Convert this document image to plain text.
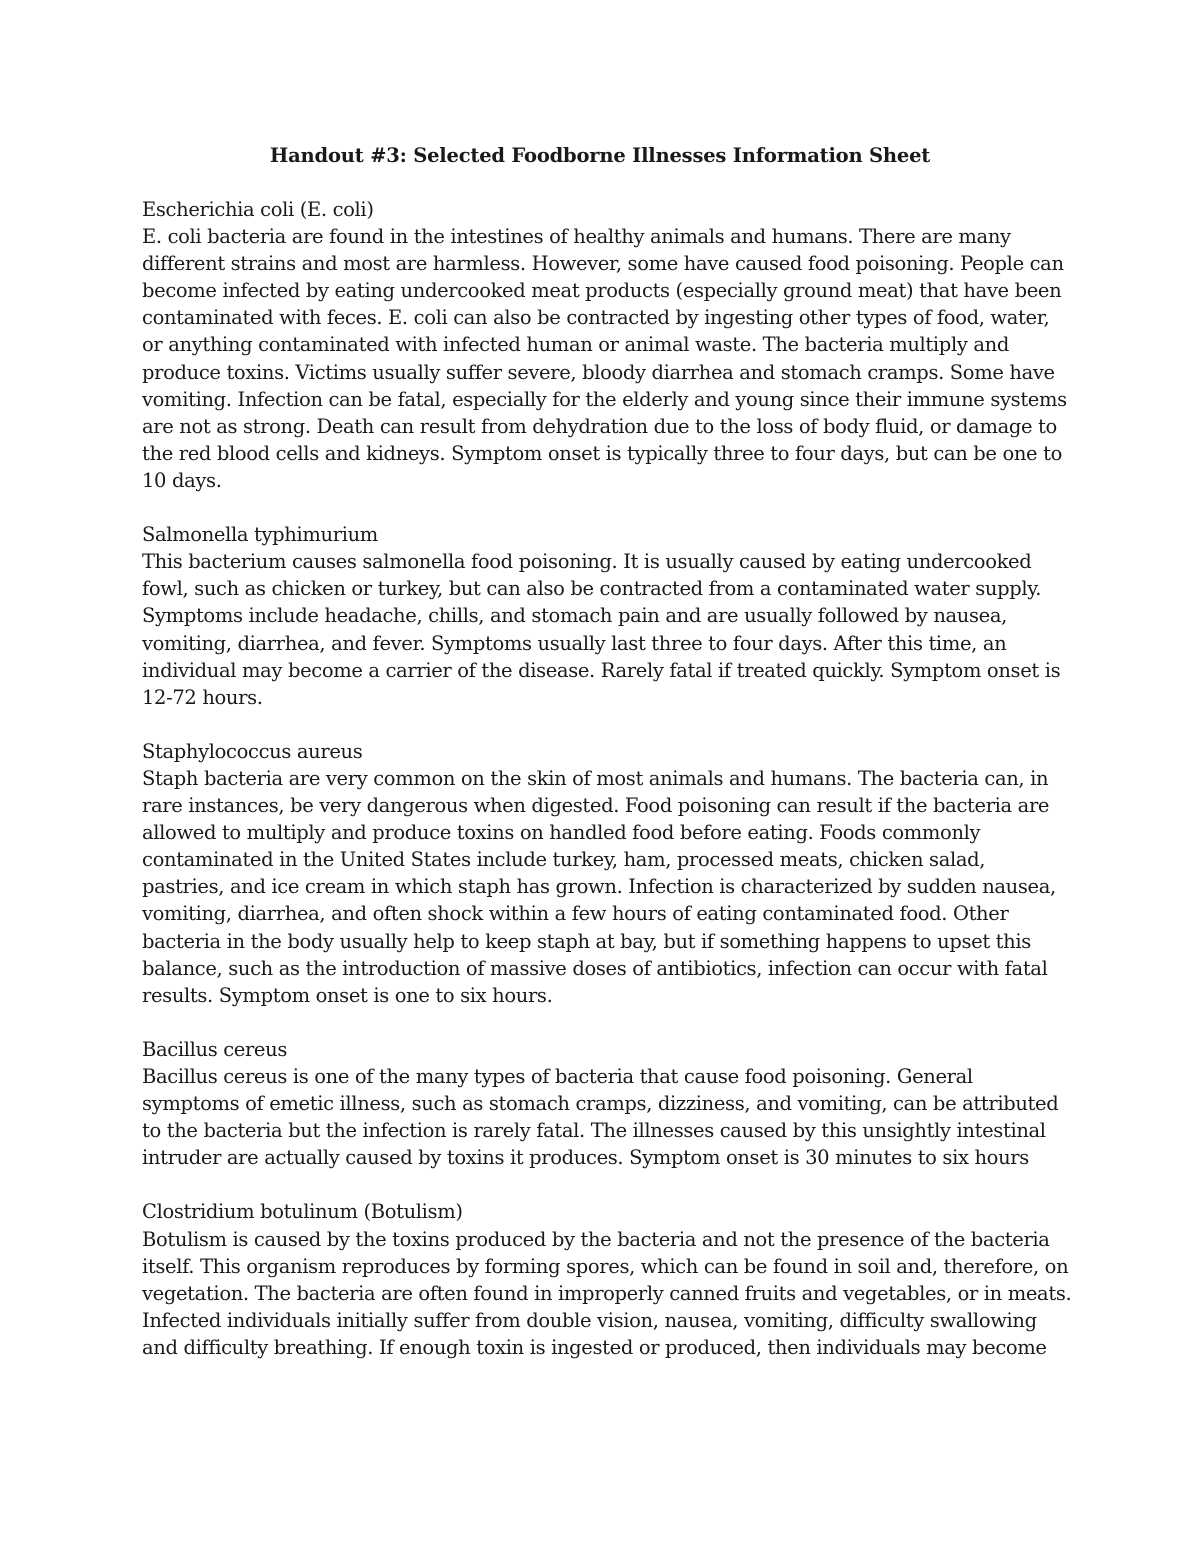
Handout #3: Selected Foodborne Illnesses Information Sheet
Escherichia coli (E. coli)
E. coli bacteria are found in the intestines of healthy animals and humans. There are many different strains and most are harmless. However, some have caused food poisoning. People can become infected by eating undercooked meat products (especially ground meat) that have been contaminated with feces. E. coli can also be contracted by ingesting other types of food, water, or anything contaminated with infected human or animal waste. The bacteria multiply and produce toxins. Victims usually suffer severe, bloody diarrhea and stomach cramps. Some have vomiting. Infection can be fatal, especially for the elderly and young since their immune systems are not as strong. Death can result from dehydration due to the loss of body fluid, or damage to the red blood cells and kidneys. Symptom onset is typically three to four days, but can be one to 10 days.
Salmonella typhimurium
This bacterium causes salmonella food poisoning. It is usually caused by eating undercooked fowl, such as chicken or turkey, but can also be contracted from a contaminated water supply. Symptoms include headache, chills, and stomach pain and are usually followed by nausea, vomiting, diarrhea, and fever. Symptoms usually last three to four days. After this time, an individual may become a carrier of the disease. Rarely fatal if treated quickly. Symptom onset is 12-72 hours.
Staphylococcus aureus
Staph bacteria are very common on the skin of most animals and humans. The bacteria can, in rare instances, be very dangerous when digested. Food poisoning can result if the bacteria are allowed to multiply and produce toxins on handled food before eating. Foods commonly contaminated in the United States include turkey, ham, processed meats, chicken salad, pastries, and ice cream in which staph has grown. Infection is characterized by sudden nausea, vomiting, diarrhea, and often shock within a few hours of eating contaminated food. Other bacteria in the body usually help to keep staph at bay, but if something happens to upset this balance, such as the introduction of massive doses of antibiotics, infection can occur with fatal results. Symptom onset is one to six hours.
Bacillus cereus
Bacillus cereus is one of the many types of bacteria that cause food poisoning. General symptoms of emetic illness, such as stomach cramps, dizziness, and vomiting, can be attributed to the bacteria but the infection is rarely fatal. The illnesses caused by this unsightly intestinal intruder are actually caused by toxins it produces. Symptom onset is 30 minutes to six hours
Clostridium botulinum (Botulism)
Botulism is caused by the toxins produced by the bacteria and not the presence of the bacteria itself. This organism reproduces by forming spores, which can be found in soil and, therefore, on vegetation. The bacteria are often found in improperly canned fruits and vegetables, or in meats. Infected individuals initially suffer from double vision, nausea, vomiting, difficulty swallowing and difficulty breathing. If enough toxin is ingested or produced, then individuals may become
